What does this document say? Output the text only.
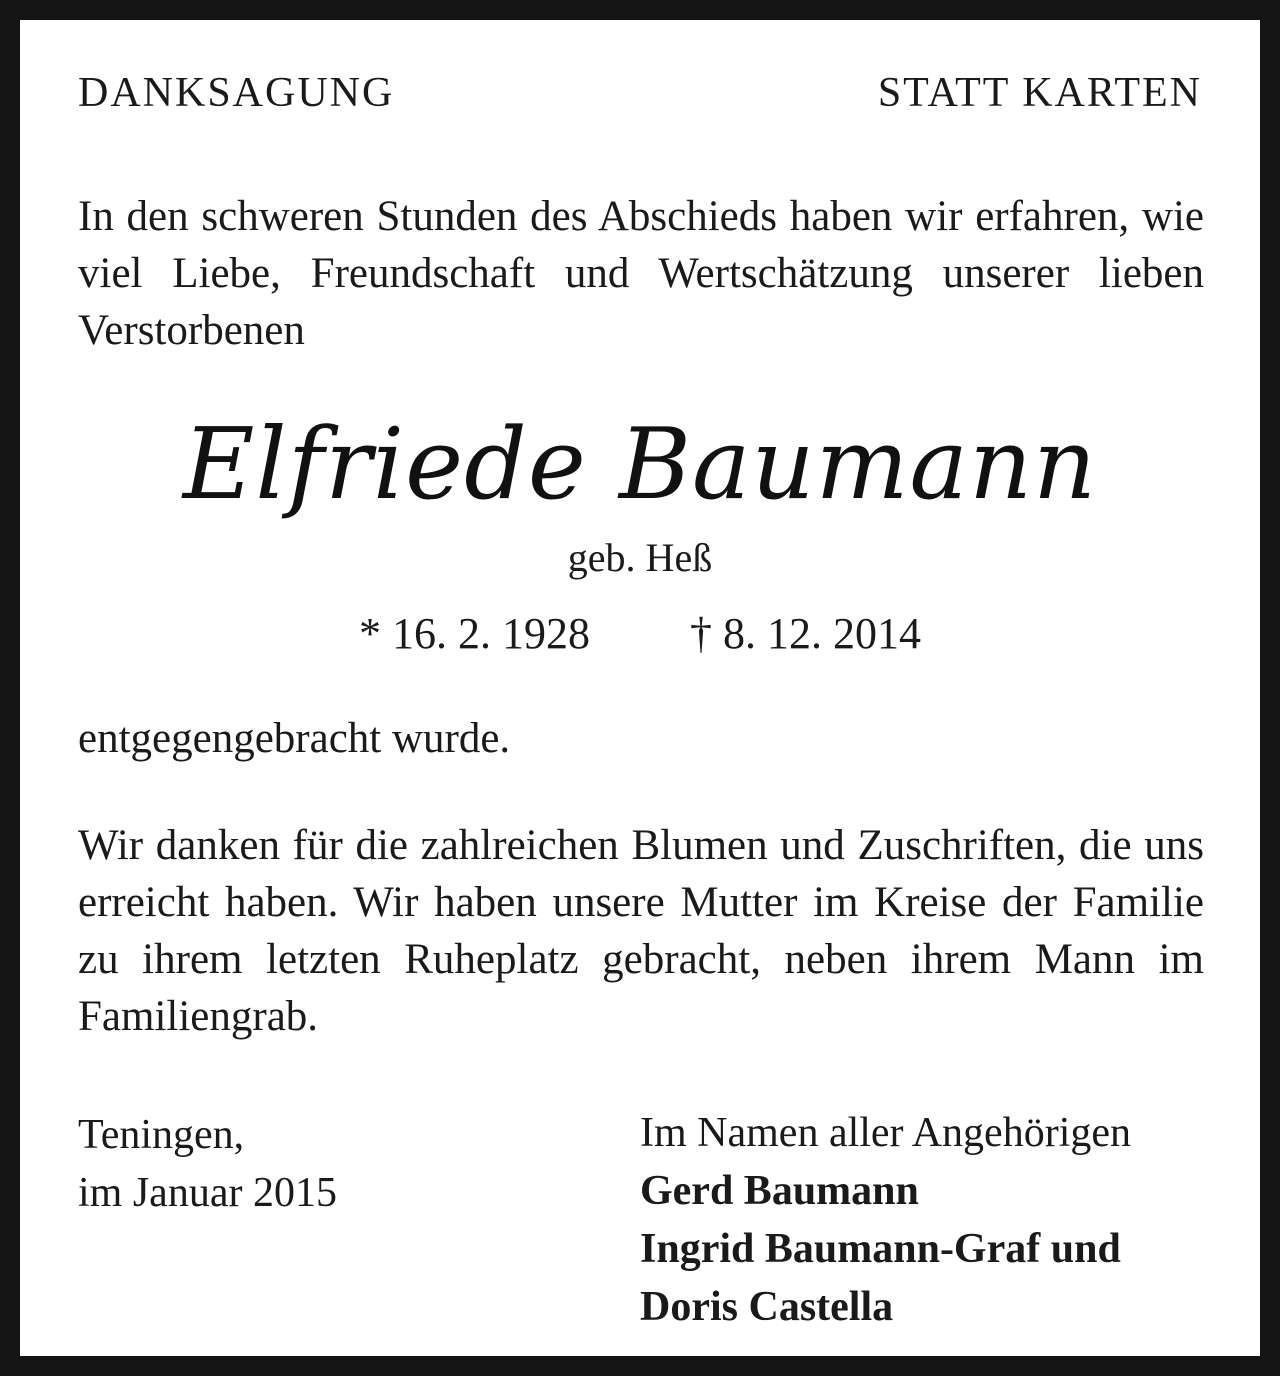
DANKSAGUNG	STATT KARTEN

In den schweren Stunden des Abschieds haben wir erfahren, wie viel Liebe, Freundschaft und Wertschätzung unserer lieben Verstorbenen

Elfriede Baumann
geb. Heß
* 16. 2. 1928 † 8. 12. 2014

entgegengebracht wurde.

Wir danken für die zahlreichen Blumen und Zuschriften, die uns erreicht haben. Wir haben unsere Mutter im Kreise der Familie zu ihrem letzten Ruheplatz gebracht, neben ihrem Mann im Familiengrab.

Teningen,
im Januar 2015
Im Namen aller Angehörigen
Gerd Baumann
Ingrid Baumann-Graf und
Doris Castella
